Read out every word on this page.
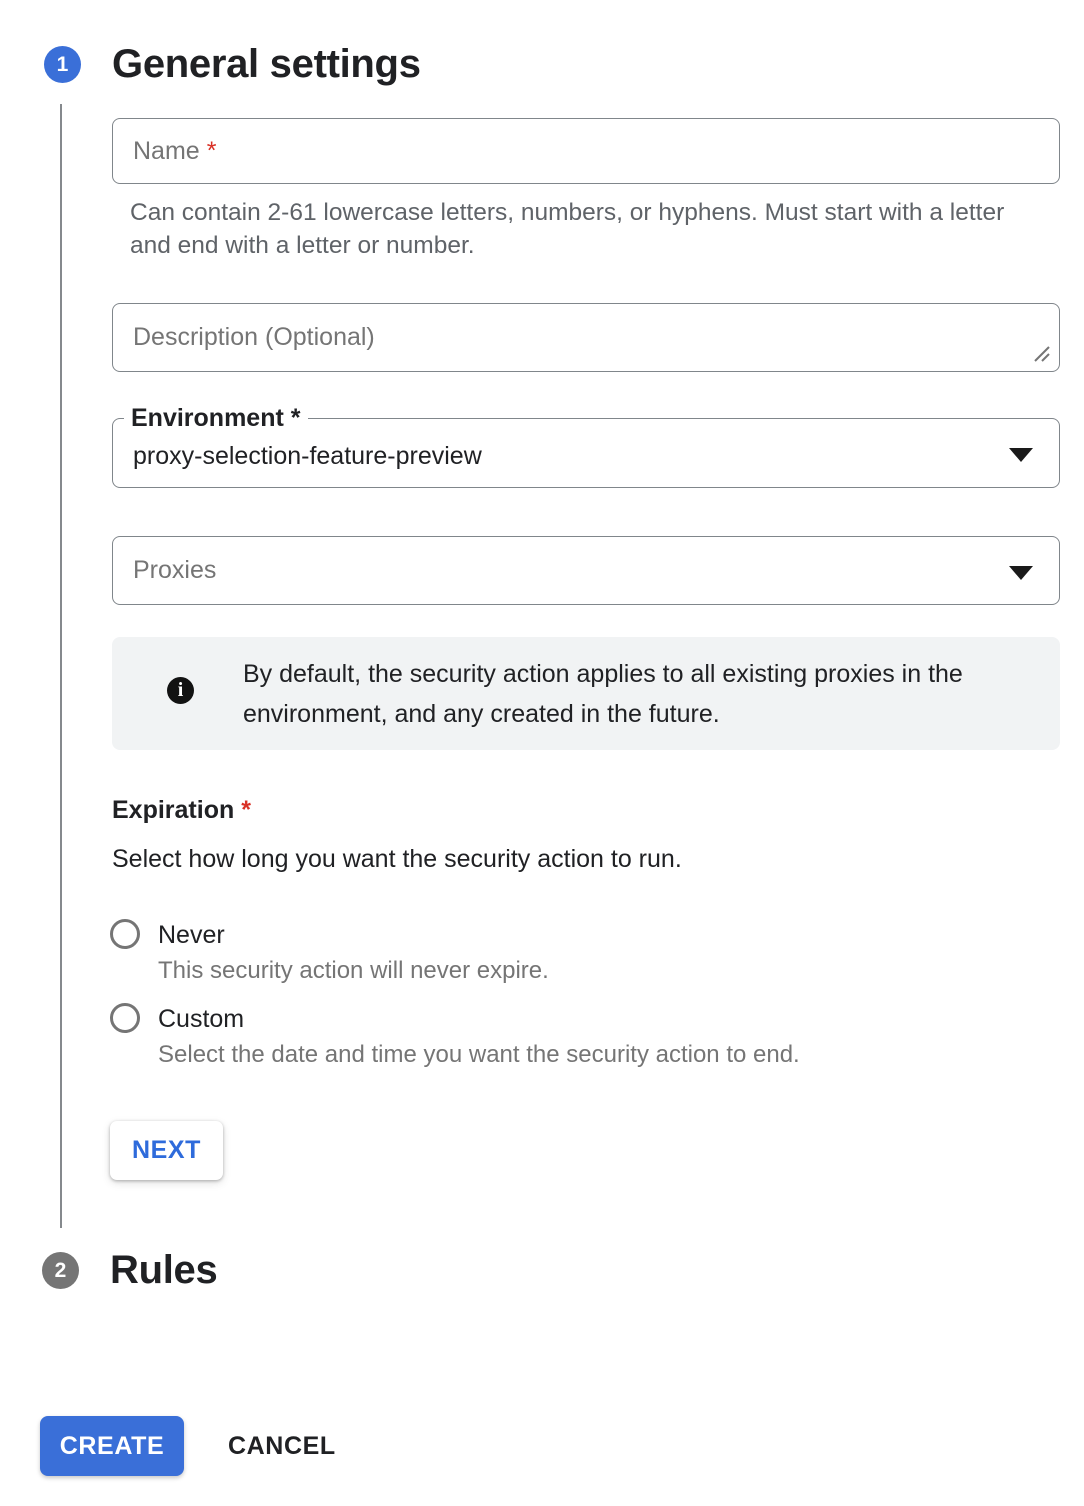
1	General settings
Name *
Can contain 2-61 lowercase letters, numbers, or hyphens. Must start with a letter
and end with a letter or number.
Description (Optional)
Environment *
proxy-selection-feature-preview
Proxies
i
By default, the security action applies to all existing proxies in the
environment, and any created in the future.
Expiration *
Select how long you want the security action to run.
Never
This security action will never expire.
Custom
Select the date and time you want the security action to end.
NEXT
2	Rules
CREATE	CANCEL
